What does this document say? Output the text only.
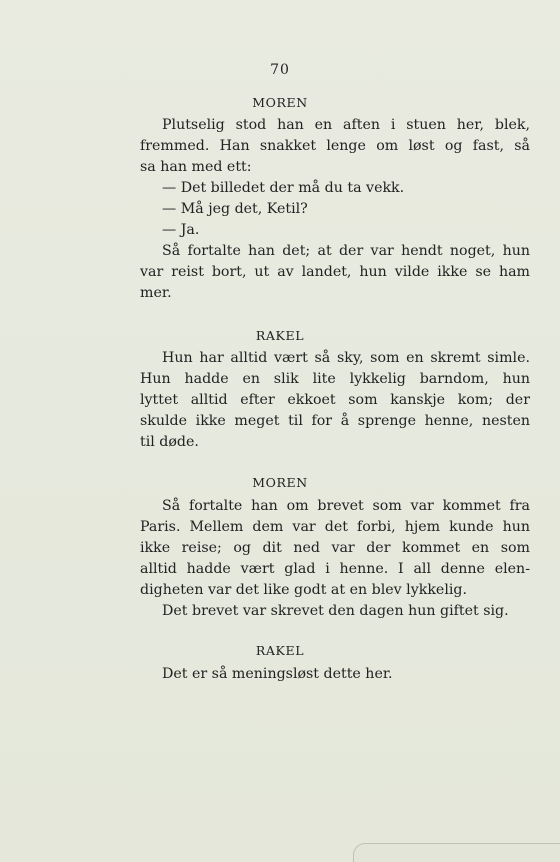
70
MOREN
Plutselig stod han en aften i stuen her, blek,
fremmed. Han snakket lenge om løst og fast, så
sa han med ett:
— Det billedet der må du ta vekk.
— Må jeg det, Ketil?
— Ja.
Så fortalte han det; at der var hendt noget, hun
var reist bort, ut av landet, hun vilde ikke se ham
mer.
RAKEL
Hun har alltid vært så sky, som en skremt simle.
Hun hadde en slik lite lykkelig barndom, hun
lyttet alltid efter ekkoet som kanskje kom; der
skulde ikke meget til for å sprenge henne, nesten
til døde.
MOREN
Så fortalte han om brevet som var kommet fra
Paris. Mellem dem var det forbi, hjem kunde hun
ikke reise; og dit ned var der kommet en som
alltid hadde vært glad i henne. I all denne elen-
digheten var det like godt at en blev lykkelig.
Det brevet var skrevet den dagen hun giftet sig.
RAKEL
Det er så meningsløst dette her.
